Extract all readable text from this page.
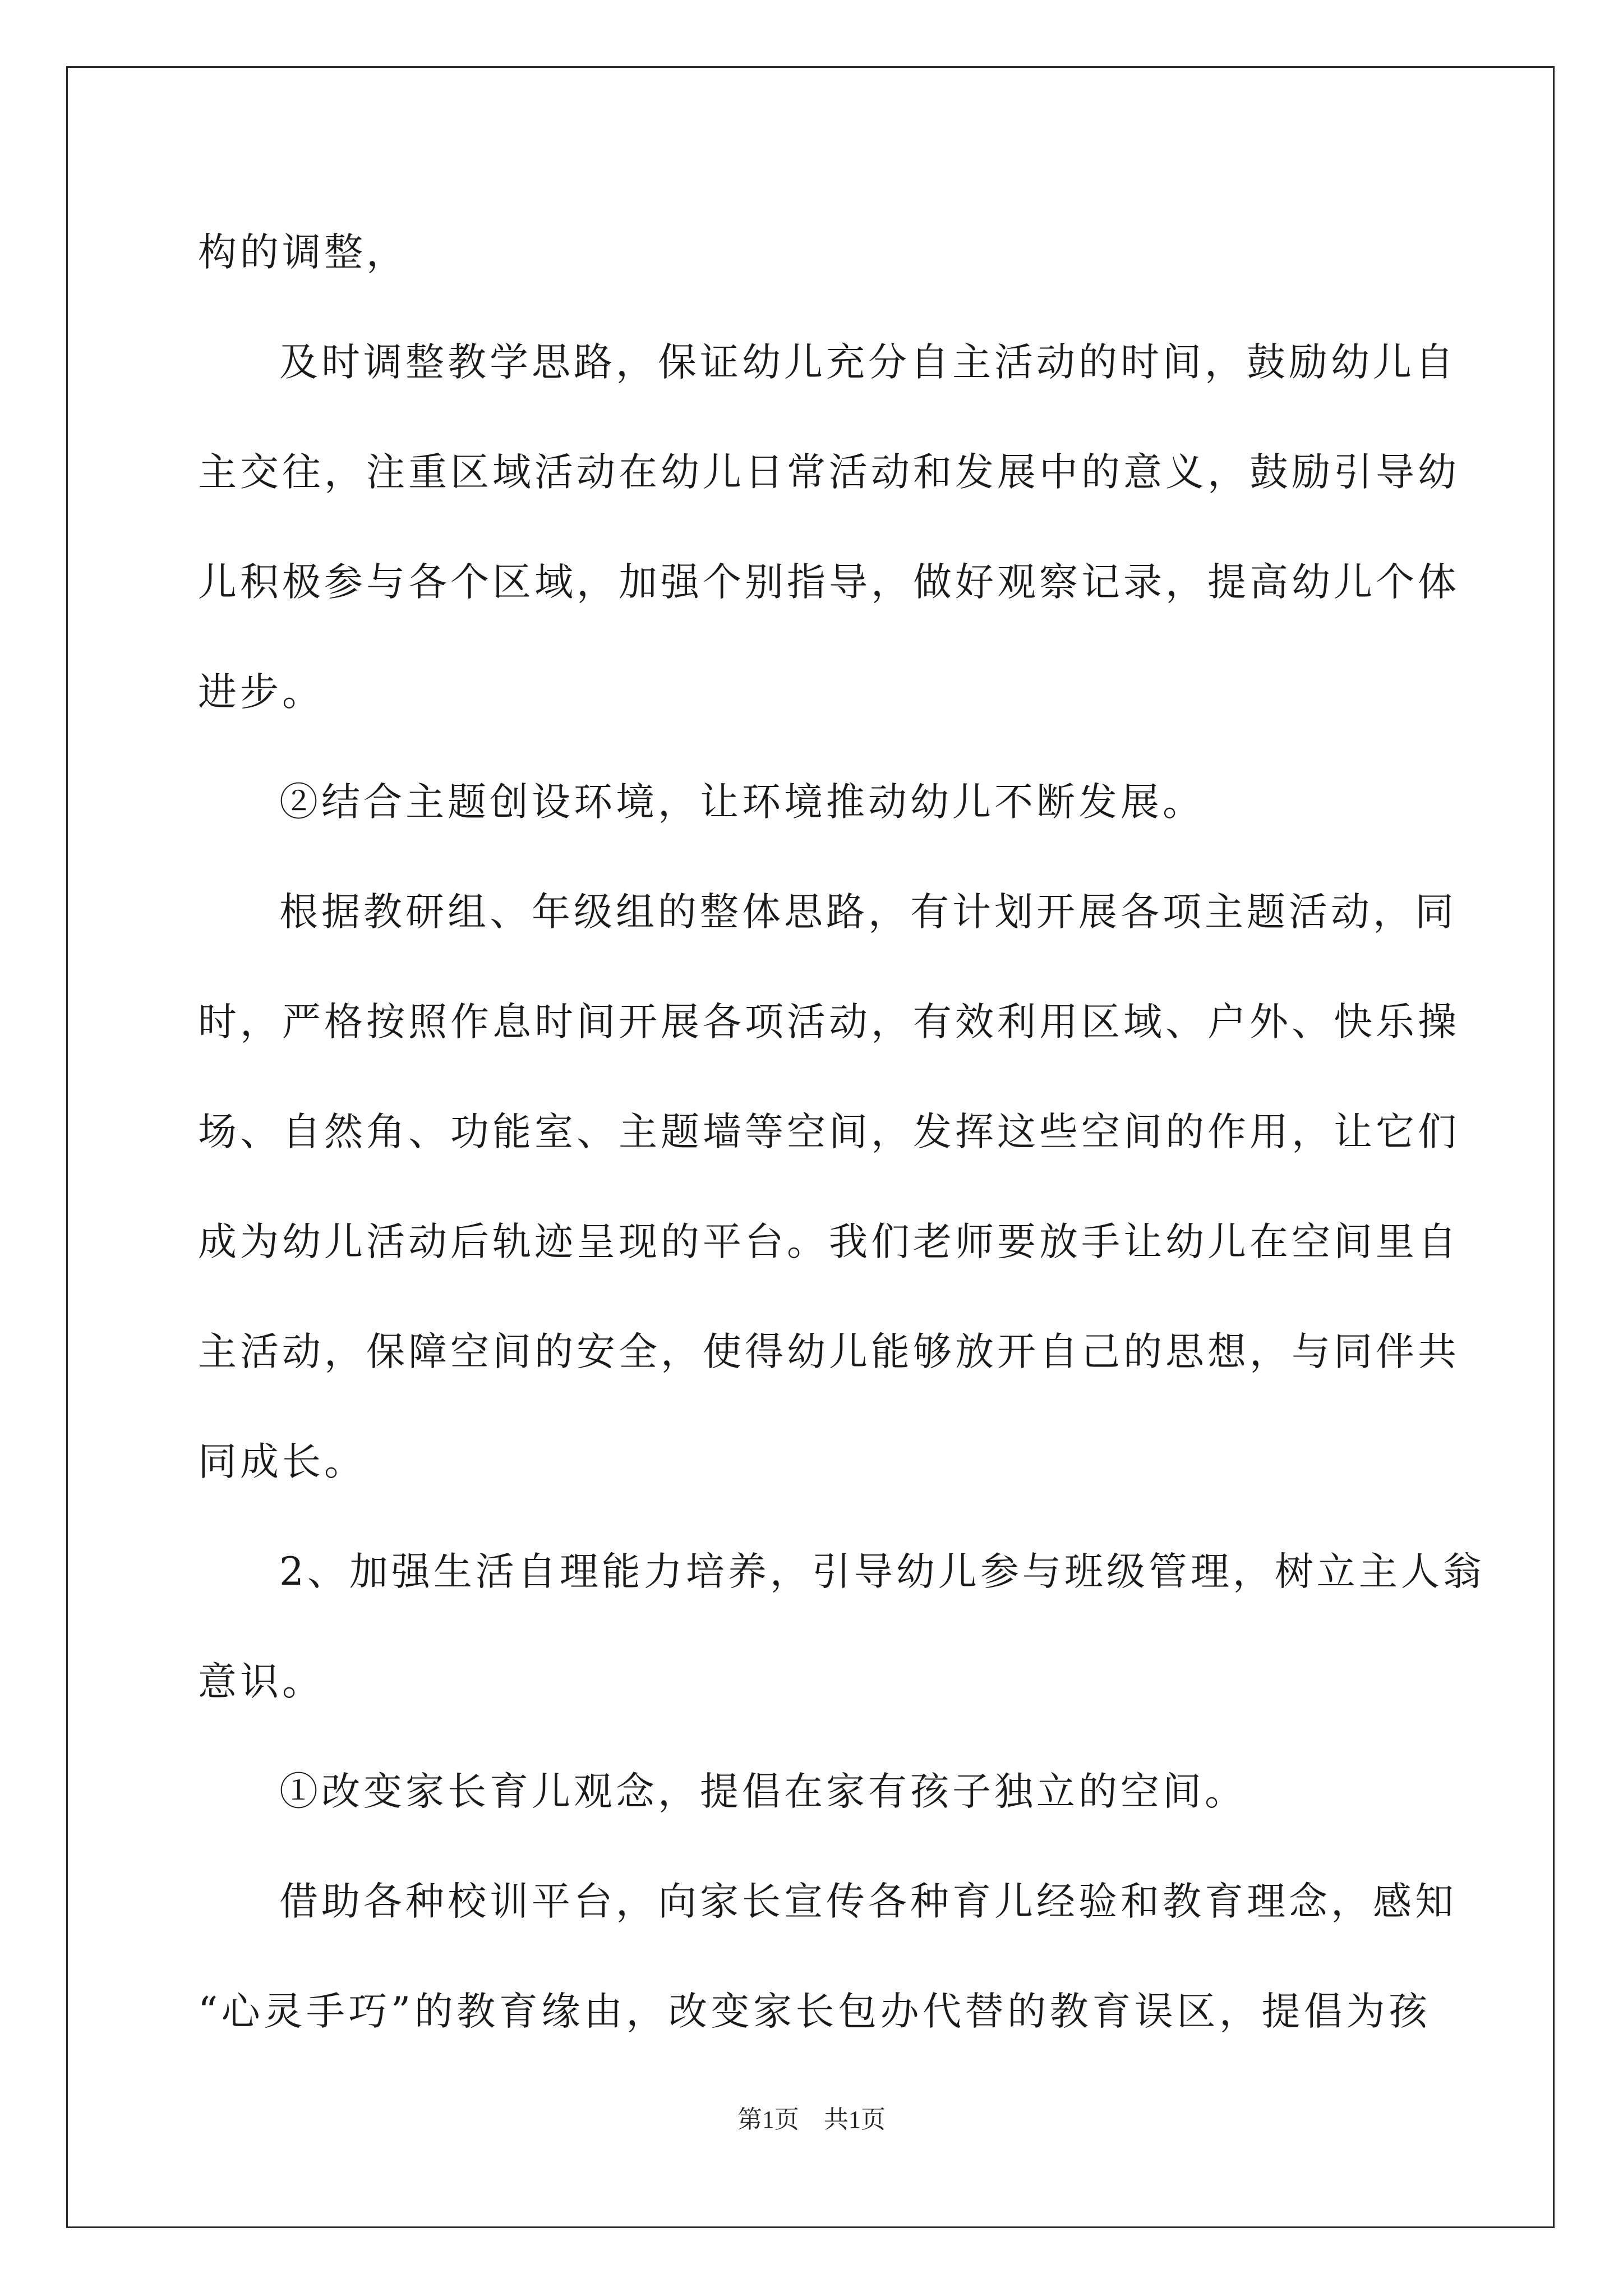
构的调整，
及时调整教学思路，保证幼儿充分自主活动的时间，鼓励幼儿自
主交往，注重区域活动在幼儿日常活动和发展中的意义，鼓励引导幼
儿积极参与各个区域，加强个别指导，做好观察记录，提高幼儿个体
进步。
②结合主题创设环境，让环境推动幼儿不断发展。
根据教研组、年级组的整体思路，有计划开展各项主题活动，同
时，严格按照作息时间开展各项活动，有效利用区域、户外、快乐操
场、自然角、功能室、主题墙等空间，发挥这些空间的作用，让它们
成为幼儿活动后轨迹呈现的平台。我们老师要放手让幼儿在空间里自
主活动，保障空间的安全，使得幼儿能够放开自己的思想，与同伴共
同成长。
2、加强生活自理能力培养，引导幼儿参与班级管理，树立主人翁
意识。
①改变家长育儿观念，提倡在家有孩子独立的空间。
借助各种校训平台，向家长宣传各种育儿经验和教育理念，感知
“心灵手巧”的教育缘由，改变家长包办代替的教育误区，提倡为孩
第1页 共1页
